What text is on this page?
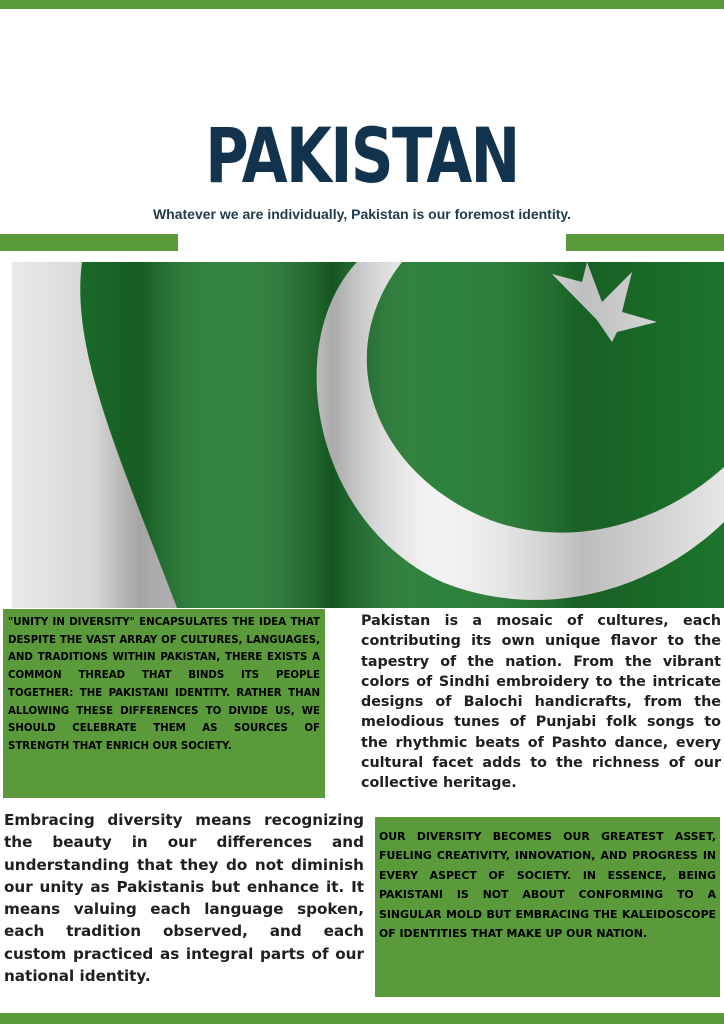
PAKISTAN

Whatever we are individually, Pakistan is our foremost identity.

"UNITY IN DIVERSITY" ENCAPSULATES THE IDEA THAT DESPITE THE VAST ARRAY OF CULTURES, LANGUAGES, AND TRADITIONS WITHIN PAKISTAN, THERE EXISTS A COMMON THREAD THAT BINDS ITS PEOPLE TOGETHER: THE PAKISTANI IDENTITY. RATHER THAN ALLOWING THESE DIFFERENCES TO DIVIDE US, WE SHOULD CELEBRATE THEM AS SOURCES OF STRENGTH THAT ENRICH OUR SOCIETY.

Pakistan is a mosaic of cultures, each contributing its own unique flavor to the tapestry of the nation. From the vibrant colors of Sindhi embroidery to the intricate designs of Balochi handicrafts, from the melodious tunes of Punjabi folk songs to the rhythmic beats of Pashto dance, every cultural facet adds to the richness of our collective heritage.

Embracing diversity means recognizing the beauty in our differences and understanding that they do not diminish our unity as Pakistanis but enhance it. It means valuing each language spoken, each tradition observed, and each custom practiced as integral parts of our national identity.

OUR DIVERSITY BECOMES OUR GREATEST ASSET, FUELING CREATIVITY, INNOVATION, AND PROGRESS IN EVERY ASPECT OF SOCIETY. IN ESSENCE, BEING PAKISTANI IS NOT ABOUT CONFORMING TO A SINGULAR MOLD BUT EMBRACING THE KALEIDOSCOPE OF IDENTITIES THAT MAKE UP OUR NATION.
